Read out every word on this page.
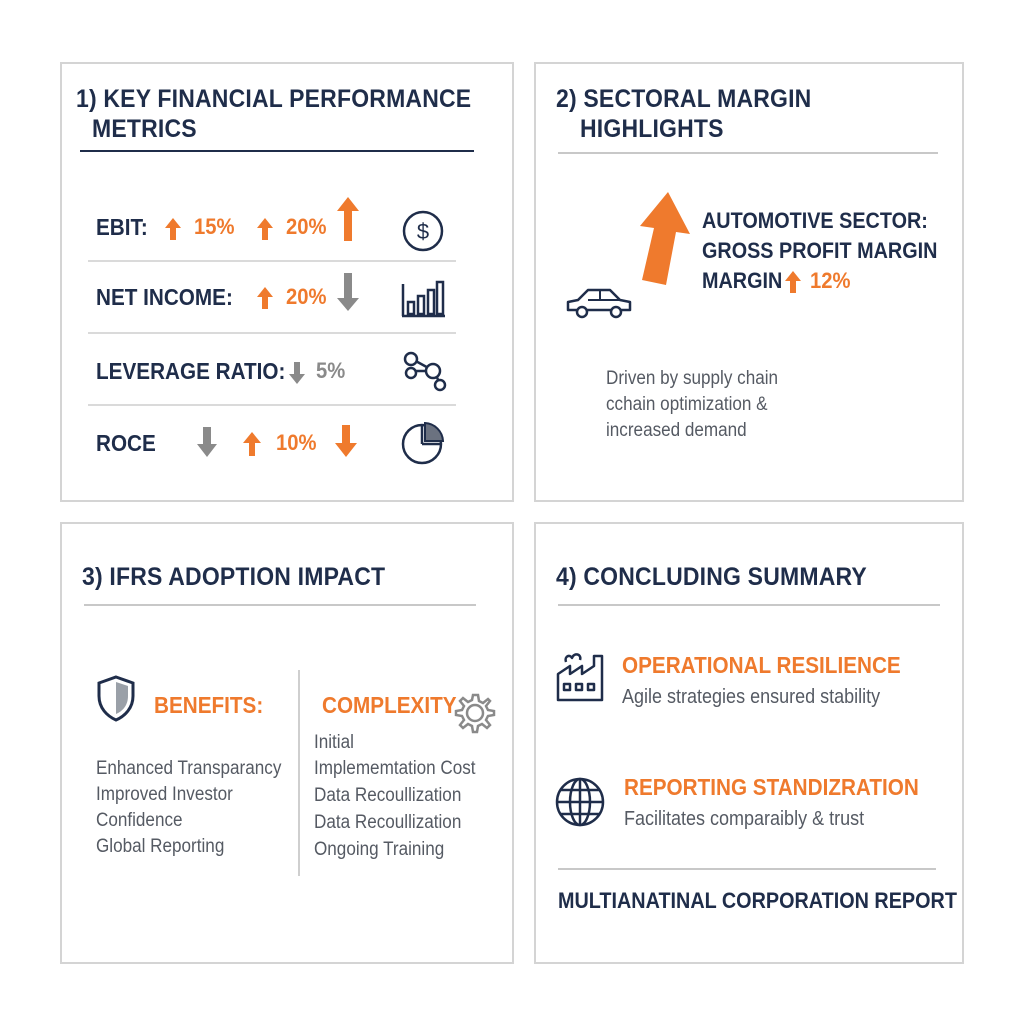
1) KEY FINANCIAL PERFORMANCE
METRICS
EBIT: 15% 20%	$
NET INCOME: 20%
LEVERAGE RATIO: 5%
ROCE	10%
2) SECTORAL MARGIN
HIGHLIGHTS
AUTOMOTIVE SECTOR:
GROSS PROFIT MARGIN
MARGIN 12%
Driven by supply chain
cchain optimization &
increased demand
3) IFRS ADOPTION IMPACT
BENEFITS:
Enhanced Transparancy
Improved Investor
Confidence
Global Reporting
COMPLEXITY
Initial
Implememtation Cost
Data Recoullization
Data Recoullization
Ongoing Training
4) CONCLUDING SUMMARY
OPERATIONAL RESILIENCE
Agile strategies ensured stability
REPORTING STANDIZRATION
Facilitates comparaibly & trust
MULTIANATINAL CORPORATION REPORT
